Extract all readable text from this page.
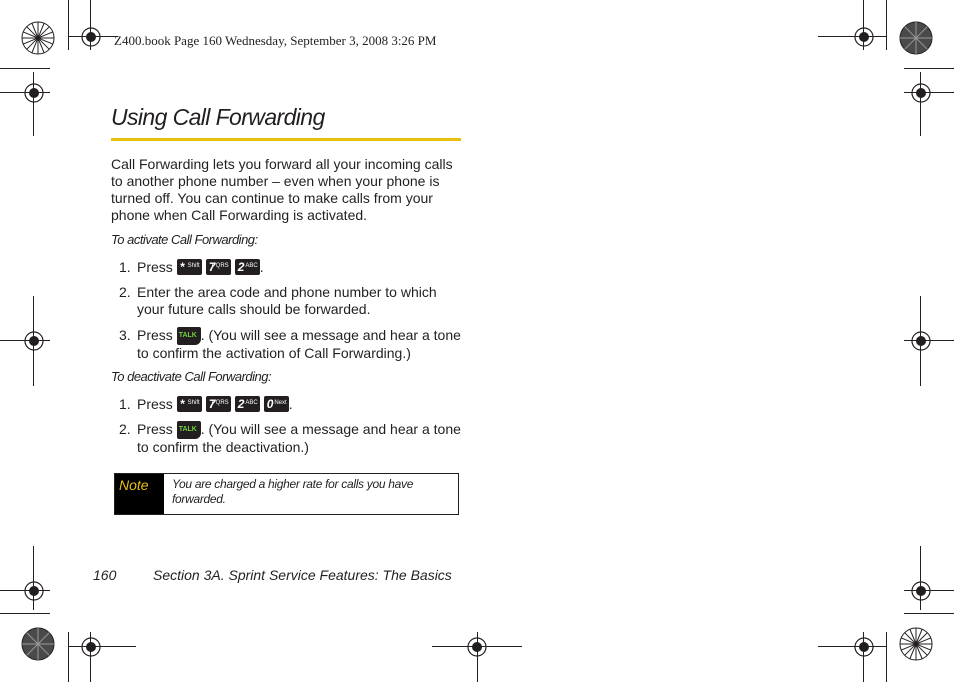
Z400.book Page 160 Wednesday, September 3, 2008 3:26 PM
Using Call Forwarding
Call Forwarding lets you forward all your incoming calls to another phone number – even when your phone is turned off. You can continue to make calls from your phone when Call Forwarding is activated.
To activate Call Forwarding:
1. Press * Shift 7
PQRS 2 ABC .
2. Enter the area code and phone number to which your future calls should be forwarded.
3. Press TALK . (You will see a message and hear a tone to confirm the activation of Call Forwarding.)
To deactivate Call Forwarding:
1. Press * Shift 7
PQRS 2 ABC 0 Next .
2. Press TALK . (You will see a message and hear a tone to confirm the deactivation.)
Note	You are charged a higher rate for calls you have forwarded.
160	Section 3A. Sprint Service Features: The Basics
